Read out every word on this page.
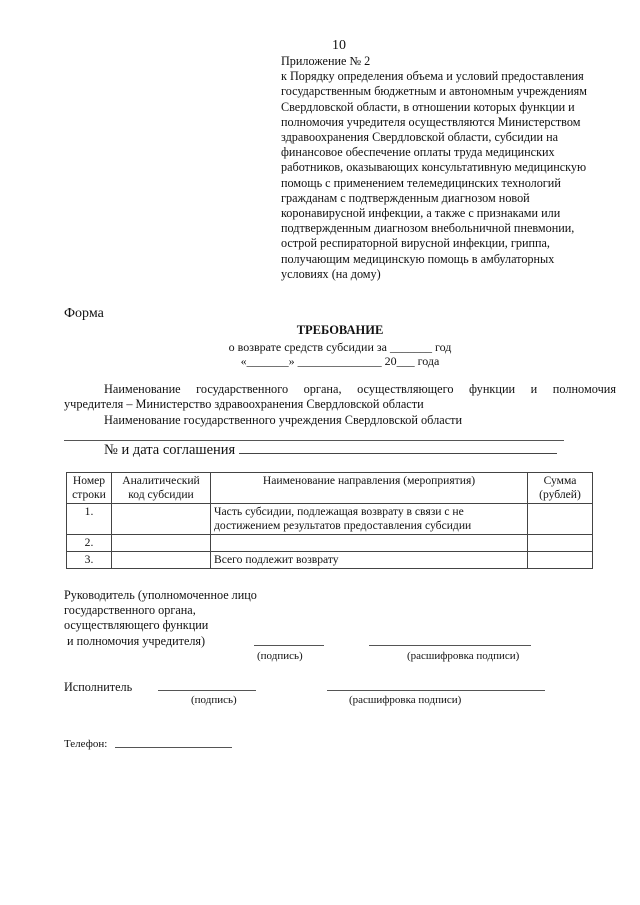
10
Приложение № 2
к Порядку определения объема и условий предоставления
государственным бюджетным и автономным учреждениям
Свердловской области, в отношении которых функции и
полномочия учредителя осуществляются Министерством
здравоохранения Свердловской области, субсидии на
финансовое обеспечение оплаты труда медицинских
работников, оказывающих консультативную медицинскую
помощь с применением телемедицинских технологий
гражданам с подтвержденным диагнозом новой
коронавирусной инфекции, а также с признаками или
подтвержденным диагнозом внебольничной пневмонии,
острой респираторной вирусной инфекции, гриппа,
получающим медицинскую помощь в амбулаторных
условиях (на дому)
Форма
ТРЕБОВАНИЕ
о возврате средств субсидии за _______ год
«_______» ______________ 20___ года
Наименование государственного органа, осуществляющего функции и полномочия
учредителя – Министерство здравоохранения Свердловской области
Наименование государственного учреждения Свердловской области
№ и дата соглашения
Номер строки	Аналитический код субсидии	Наименование направления (мероприятия)	Сумма (рублей)
1.		Часть субсидии, подлежащая возврату в связи с не достижением результатов предоставления субсидии	
2.			
3.		Всего подлежит возврату	
Руководитель (уполномоченное лицо
государственного органа,
осуществляющего функции
и полномочия учредителя)
(подпись)	(расшифровка подписи)
Исполнитель
(подпись)	(расшифровка подписи)
Телефон:
